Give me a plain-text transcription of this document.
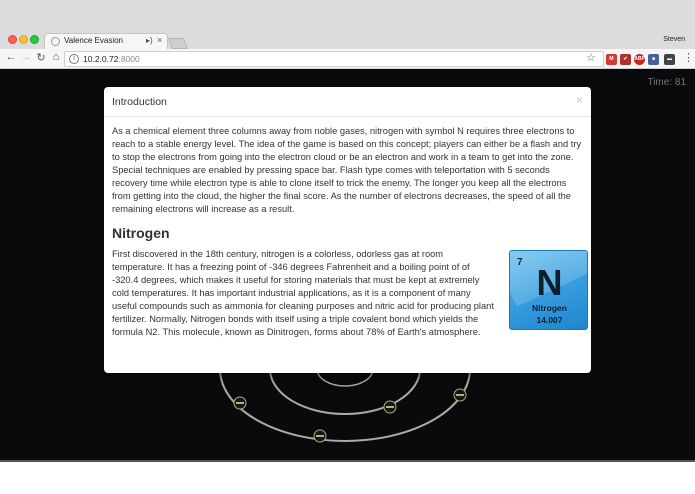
Valence Evasion	▸) ×	Steven
← → ↻ ⌂	i 10.2.0.72:8000	☆	M	✔	ABP	■	▬ ⋮
Time: 81
Introduction	×

As a chemical element three columns away from noble gases, nitrogen with symbol N requires three electrons to reach to a stable energy level. The idea of the game is based on this concept; players can either be a flash and try to stop the electrons from going into the electron cloud or be an electron and work in a team to get into the zone. Special techniques are enabled by pressing space bar. Flash type comes with teleportation with 5 seconds recovery time while electron type is able to clone itself to trick the enemy. The longer you keep all the electrons from getting into the cloud, the higher the final score. As the number of electrons decreases, the speed of all the remaining electrons will increase as a result.

Nitrogen

First discovered in the 18th century, nitrogen is a colorless, odorless gas at room temperature. It has a freezing point of -346 degrees Fahrenheit and a boiling point of of -320.4 degrees, which makes it useful for storing materials that must be kept at extremely cold temperatures. It has important industrial applications, as it is a component of many useful compounds such as ammonia for cleaning purposes and nitric acid for producing plant fertilizer. Normally, Nitrogen bonds with itself using a triple covalent bond which yields the formula N2. This molecule, known as Dinitrogen, forms about 78% of Earth's atmosphere.

7 N
Nitrogen
14.007
